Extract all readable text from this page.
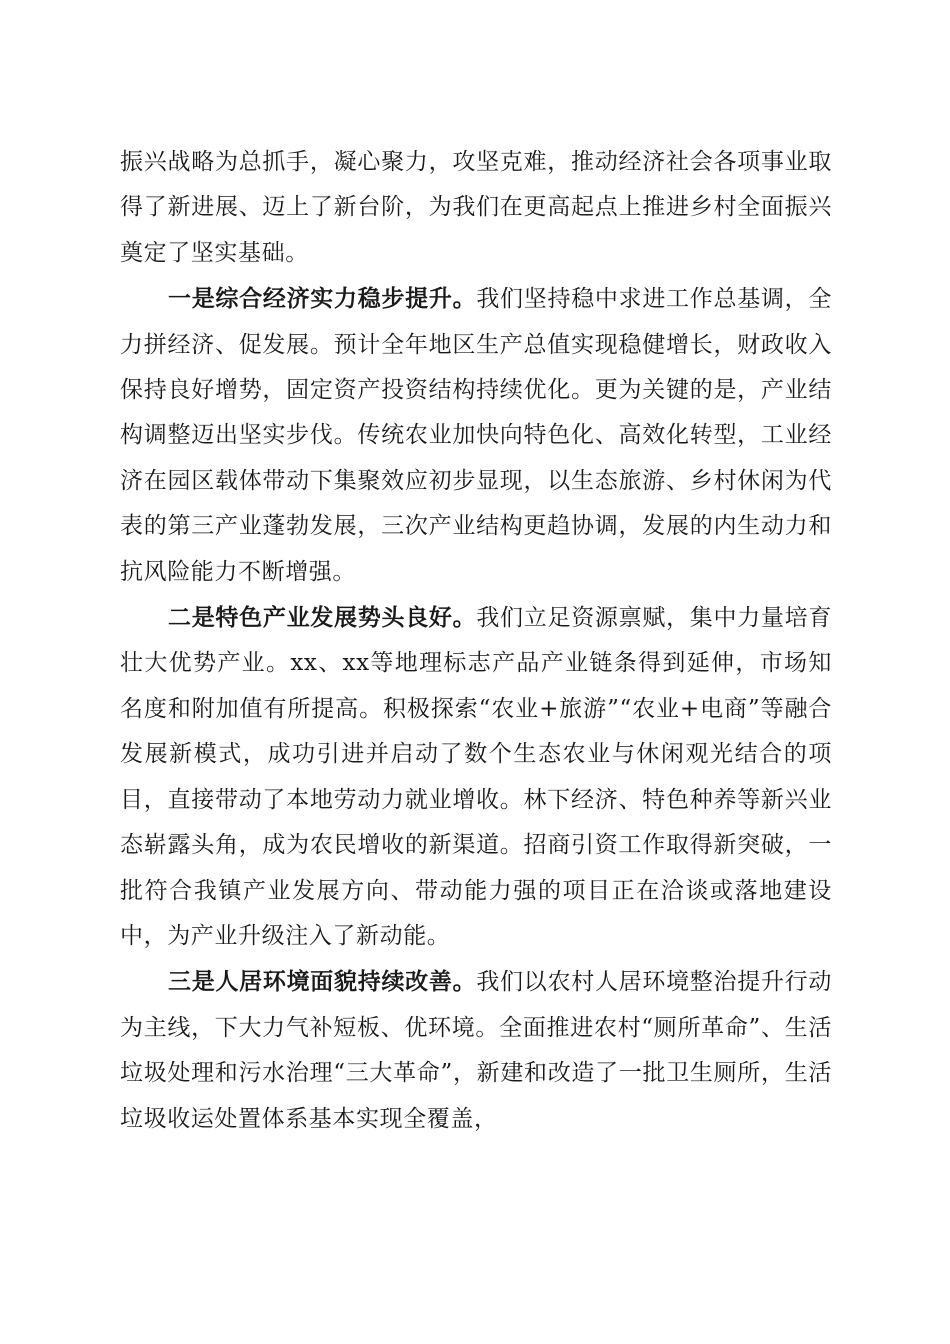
振兴战略为总抓手，凝心聚力，攻坚克难，推动经济社会各项事业取得了新进展、迈上了新台阶，为我们在更高起点上推进乡村全面振兴奠定了坚实基础。

一是综合经济实力稳步提升。我们坚持稳中求进工作总基调，全力拼经济、促发展。预计全年地区生产总值实现稳健增长，财政收入保持良好增势，固定资产投资结构持续优化。更为关键的是，产业结构调整迈出坚实步伐。传统农业加快向特色化、高效化转型，工业经济在园区载体带动下集聚效应初步显现，以生态旅游、乡村休闲为代表的第三产业蓬勃发展，三次产业结构更趋协调，发展的内生动力和抗风险能力不断增强。

二是特色产业发展势头良好。我们立足资源禀赋，集中力量培育壮大优势产业。xx、xx等地理标志产品产业链条得到延伸，市场知名度和附加值有所提高。积极探索“农业+旅游”“农业+电商”等融合发展新模式，成功引进并启动了数个生态农业与休闲观光结合的项目，直接带动了本地劳动力就业增收。林下经济、特色种养等新兴业态崭露头角，成为农民增收的新渠道。招商引资工作取得新突破，一批符合我镇产业发展方向、带动能力强的项目正在洽谈或落地建设中，为产业升级注入了新动能。

三是人居环境面貌持续改善。我们以农村人居环境整治提升行动为主线，下大力气补短板、优环境。全面推进农村“厕所革命”、生活垃圾处理和污水治理“三大革命”，新建和改造了一批卫生厕所，生活垃圾收运处置体系基本实现全覆盖，
